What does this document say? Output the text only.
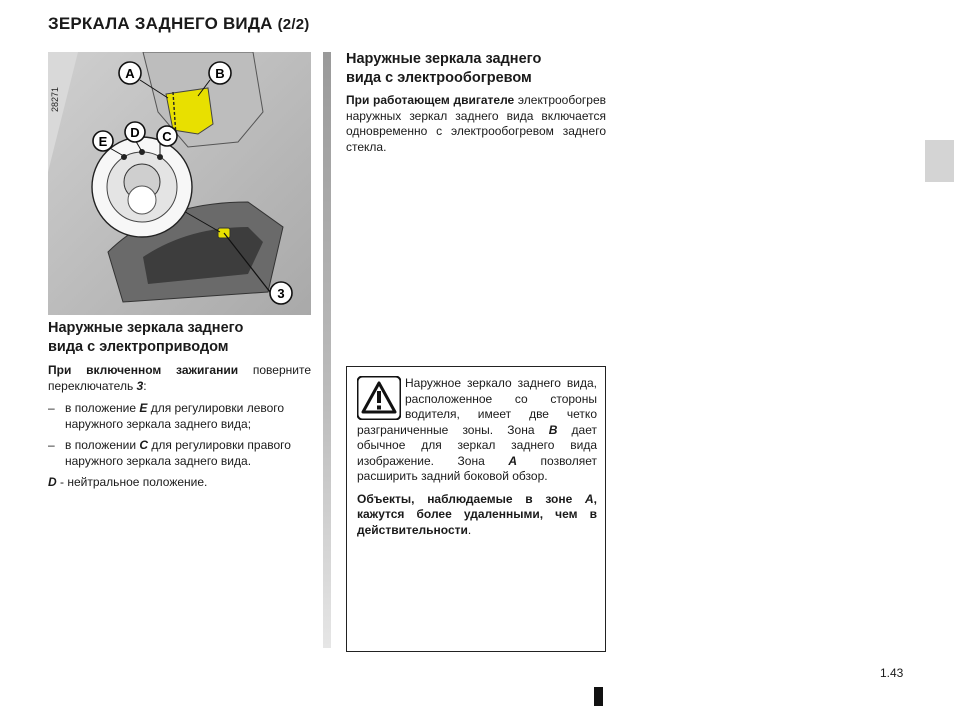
ЗЕРКАЛА ЗАДНЕГО ВИДА (2/2)
A	B
D C
E
3
28271
Наружные зеркала заднего
вида с электроприводом

При включенном зажигании поверните переключатель 3:

– в положение E для регулировки левого наружного зеркала заднего вида;
– в положении C для регулировки правого наружного зеркала заднего вида.
D - нейтральное положение.
Наружные зеркала заднего
вида с электрообогревом

При работающем двигателе электрообогрев наружных зеркал заднего вида включается одновременно с электрообогревом заднего стекла.

Наружное зеркало заднего вида, расположенное со стороны водителя, имеет две четко разграниченные зоны. Зона B дает обычное для зеркал заднего вида изображение. Зона A позволяет расширить задний боковой обзор.

Объекты, наблюдаемые в зоне A, кажутся более удаленными, чем в действительности.

1.43
